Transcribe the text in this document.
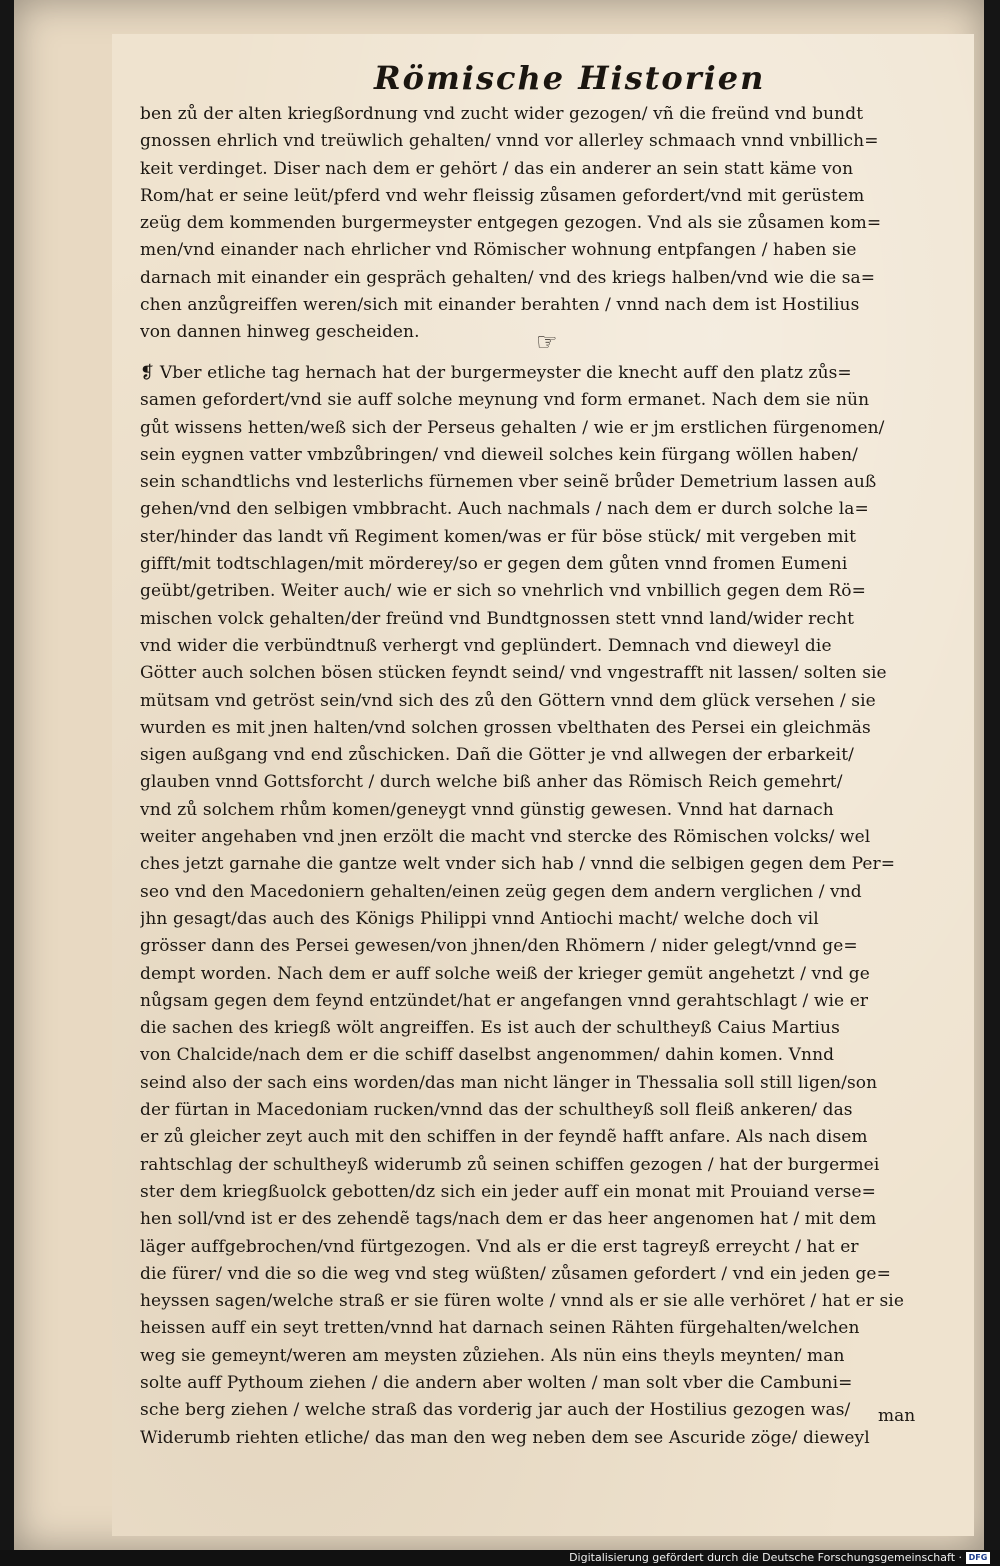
Römische Historien
ben zů der alten kriegßordnung vnd zucht wider gezogen/ vñ die freünd vnd bundt
gnossen ehrlich vnd treüwlich gehalten/ vnnd vor allerley schmaach vnnd vnbillich=
keit verdinget. Diser nach dem er gehört / das ein anderer an sein statt käme von
Rom/hat er seine leüt/pferd vnd wehr fleissig zůsamen gefordert/vnd mit gerüstem
zeüg dem kommenden burgermeyster entgegen gezogen. Vnd als sie zůsamen kom=
men/vnd einander nach ehrlicher vnd Römischer wohnung entpfangen / haben sie
darnach mit einander ein gespräch gehalten/ vnd des kriegs halben/vnd wie die sa=
chen anzůgreiffen weren/sich mit einander berahten / vnnd nach dem ist Hostilius
von dannen hinweg gescheiden.	☞
❡ Vber etliche tag hernach hat der burgermeyster die knecht auff den platz zůs=
samen gefordert/vnd sie auff solche meynung vnd form ermanet. Nach dem sie nün
gůt wissens hetten/weß sich der Perseus gehalten / wie er jm erstlichen fürgenomen/
sein eygnen vatter vmbzůbringen/ vnd dieweil solches kein fürgang wöllen haben/
sein schandtlichs vnd lesterlichs fürnemen vber seinẽ brůder Demetrium lassen auß
gehen/vnd den selbigen vmbbracht. Auch nachmals / nach dem er durch solche la=
ster/hinder das landt vñ Regiment komen/was er für böse stück/ mit vergeben mit
gifft/mit todtschlagen/mit mörderey/so er gegen dem gůten vnnd fromen Eumeni
geübt/getriben. Weiter auch/ wie er sich so vnehrlich vnd vnbillich gegen dem Rö=
mischen volck gehalten/der freünd vnd Bundtgnossen stett vnnd land/wider recht
vnd wider die verbündtnuß verhergt vnd geplündert. Demnach vnd dieweyl die
Götter auch solchen bösen stücken feyndt seind/ vnd vngestrafft nit lassen/ solten sie
mütsam vnd getröst sein/vnd sich des zů den Göttern vnnd dem glück versehen / sie
wurden es mit jnen halten/vnd solchen grossen vbelthaten des Persei ein gleichmäs
sigen außgang vnd end zůschicken. Dañ die Götter je vnd allwegen der erbarkeit/
glauben vnnd Gottsforcht / durch welche biß anher das Römisch Reich gemehrt/
vnd zů solchem rhům komen/geneygt vnnd günstig gewesen. Vnnd hat darnach
weiter angehaben vnd jnen erzölt die macht vnd stercke des Römischen volcks/ wel
ches jetzt garnahe die gantze welt vnder sich hab / vnnd die selbigen gegen dem Per=
seo vnd den Macedoniern gehalten/einen zeüg gegen dem andern verglichen / vnd
jhn gesagt/das auch des Königs Philippi vnnd Antiochi macht/ welche doch vil
grösser dann des Persei gewesen/von jhnen/den Rhömern / nider gelegt/vnnd ge=
dempt worden. Nach dem er auff solche weiß der krieger gemüt angehetzt / vnd ge
nůgsam gegen dem feynd entzündet/hat er angefangen vnnd gerahtschlagt / wie er
die sachen des kriegß wölt angreiffen. Es ist auch der schultheyß Caius Martius
von Chalcide/nach dem er die schiff daselbst angenommen/ dahin komen. Vnnd
seind also der sach eins worden/das man nicht länger in Thessalia soll still ligen/son
der fürtan in Macedoniam rucken/vnnd das der schultheyß soll fleiß ankeren/ das
er zů gleicher zeyt auch mit den schiffen in der feyndẽ hafft anfare. Als nach disem
rahtschlag der schultheyß widerumb zů seinen schiffen gezogen / hat der burgermei
ster dem kriegßuolck gebotten/dz sich ein jeder auff ein monat mit Prouiand verse=
hen soll/vnd ist er des zehendẽ tags/nach dem er das heer angenomen hat / mit dem
läger auffgebrochen/vnd fürtgezogen. Vnd als er die erst tagreyß erreycht / hat er
die fürer/ vnd die so die weg vnd steg wüßten/ zůsamen gefordert / vnd ein jeden ge=
heyssen sagen/welche straß er sie füren wolte / vnnd als er sie alle verhöret / hat er sie
heissen auff ein seyt tretten/vnnd hat darnach seinen Rähten fürgehalten/welchen
weg sie gemeynt/weren am meysten zůziehen. Als nün eins theyls meynten/ man
solte auff Pythoum ziehen / die andern aber wolten / man solt vber die Cambuni=
sche berg ziehen / welche straß das vorderig jar auch der Hostilius gezogen was/
Widerumb riehten etliche/ das man den weg neben dem see Ascuride zöge/ dieweyl
man
Digitalisierung gefördert durch die Deutsche Forschungsgemeinschaft · DFG
